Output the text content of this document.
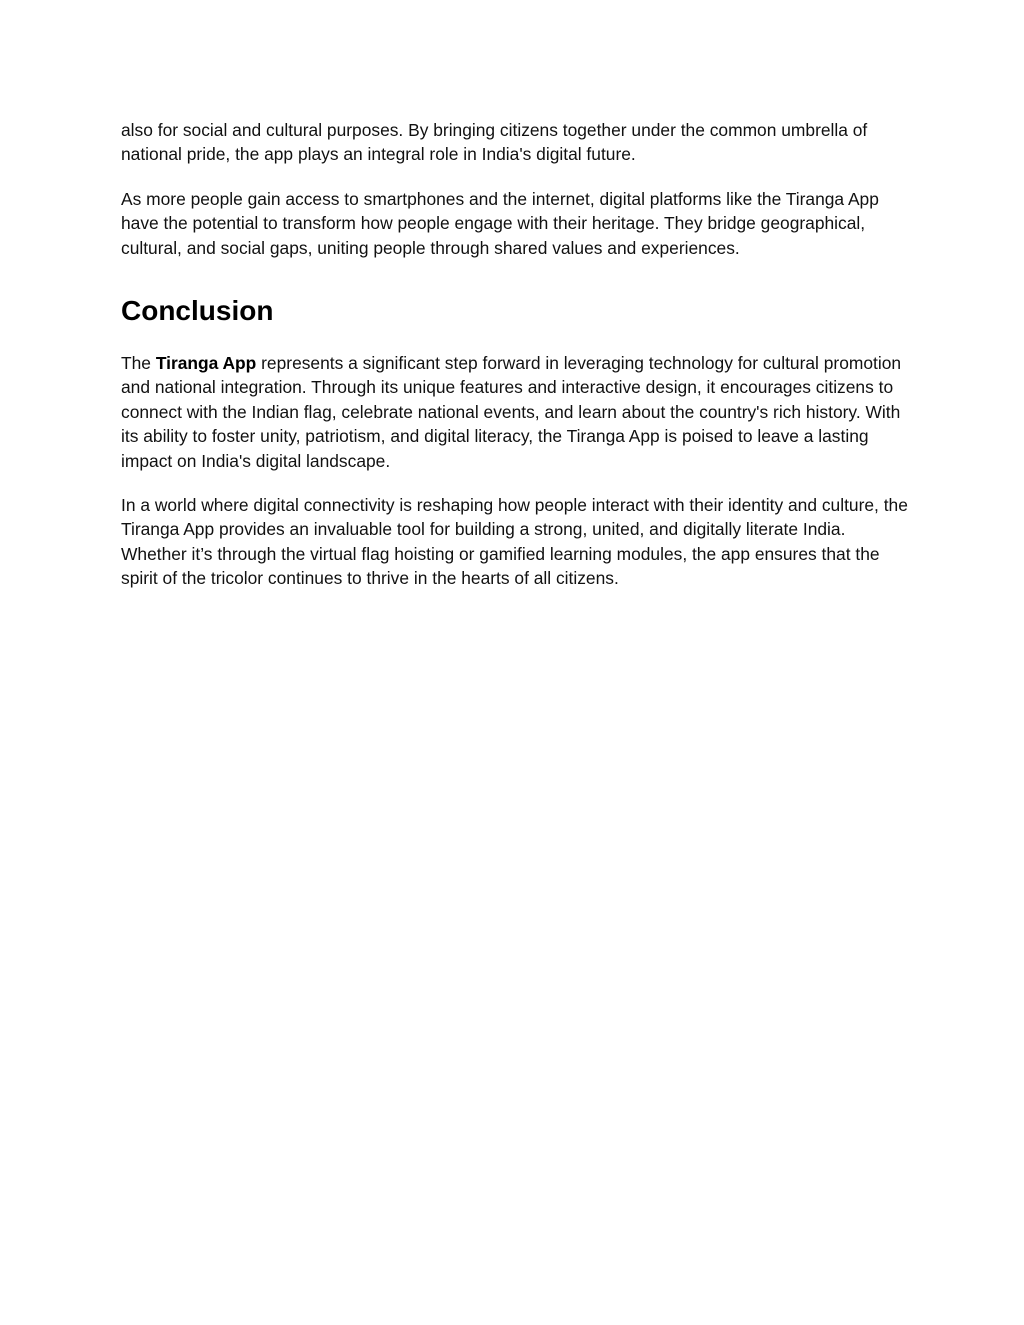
also for social and cultural purposes. By bringing citizens together under the common umbrella of national pride, the app plays an integral role in India's digital future.

As more people gain access to smartphones and the internet, digital platforms like the Tiranga App have the potential to transform how people engage with their heritage. They bridge geographical, cultural, and social gaps, uniting people through shared values and experiences.

Conclusion

The Tiranga App represents a significant step forward in leveraging technology for cultural promotion and national integration. Through its unique features and interactive design, it encourages citizens to connect with the Indian flag, celebrate national events, and learn about the country's rich history. With its ability to foster unity, patriotism, and digital literacy, the Tiranga App is poised to leave a lasting impact on India's digital landscape.

In a world where digital connectivity is reshaping how people interact with their identity and culture, the Tiranga App provides an invaluable tool for building a strong, united, and digitally literate India. Whether it’s through the virtual flag hoisting or gamified learning modules, the app ensures that the spirit of the tricolor continues to thrive in the hearts of all citizens.
